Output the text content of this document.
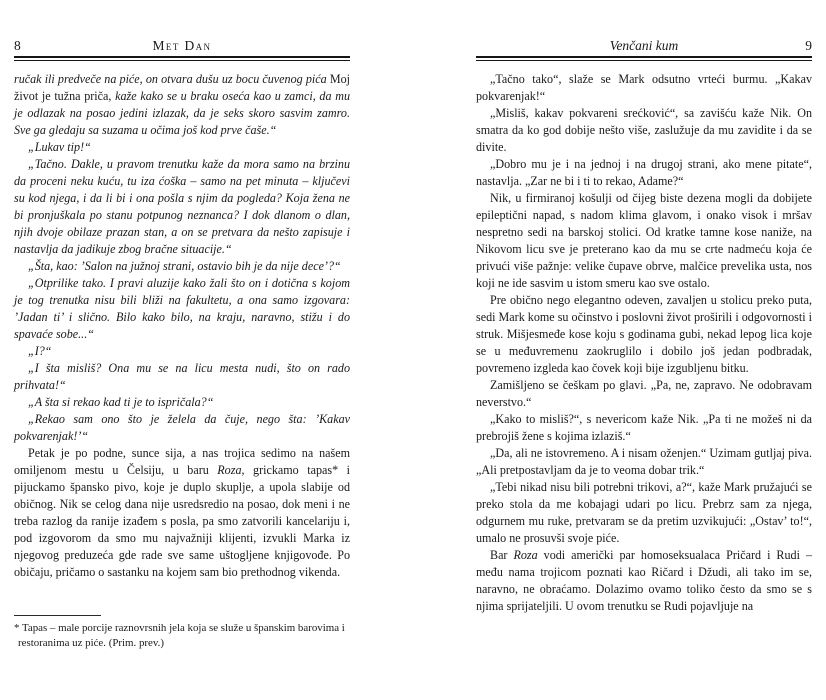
8	Met Dan
ručak ili predveče na piće, on otvara dušu uz bocu čuvenog pića Moj život je tužna priča, kaže kako se u braku oseća kao u zamci, da mu je odlazak na posao jedini izlazak, da je seks skoro sasvim zamro. Sve ga gledaju sa suzama u očima još kod prve čaše.“
„Lukav tip!“
„Tačno. Dakle, u pravom trenutku kaže da mora samo na brzinu da proceni neku kuću, tu iza ćoška – samo na pet minuta – ključevi su kod njega, i da li bi i ona pošla s njim da pogleda? Koja žena ne bi pronjuškala po stanu potpunog neznanca? I dok dlanom o dlan, njih dvoje obilaze prazan stan, a on se pretvara da nešto zapisuje i nastavlja da jadikuje zbog bračne situacije.“
„Šta, kao: ’Salon na južnoj strani, ostavio bih je da nije dece’?“
„Otprilike tako. I pravi aluzije kako žali što on i dotična s kojom je tog trenutka nisu bili bliži na fakultetu, a ona samo izgovara: ’Jadan ti’ i slično. Bilo kako bilo, na kraju, naravno, stižu i do spavaće sobe...“
„I?“
„I šta misliš? Ona mu se na licu mesta nudi, što on rado prihvata!“
„A šta si rekao kad ti je to ispričala?“
„Rekao sam ono što je želela da čuje, nego šta: ’Kakav pokvarenjak!’“
Petak je po podne, sunce sija, a nas trojica sedimo na našem omiljenom mestu u Čelsiju, u baru Roza, grickamo tapas* i pijuckamo špansko pivo, koje je duplo skuplje, a upola slabije od običnog. Nik se celog dana nije usredsredio na posao, dok meni i ne treba razlog da ranije izađem s posla, pa smo zatvorili kancelariju i, pod izgovorom da smo mu najvažniji klijenti, izvukli Marka iz njegovog preduzeća gde rade sve same uštogljene knjigovođe. Po običaju, pričamo o sastanku na kojem sam bio prethodnog vikenda.
* Tapas – male porcije raznovrsnih jela koja se služe u španskim barovima i restoranima uz piće. (Prim. prev.)
Venčani kum	9
„Tačno tako“, slaže se Mark odsutno vrteći burmu. „Kakav pokvarenjak!“
„Misliš, kakav pokvareni srećković“, sa zavišću kaže Nik. On smatra da ko god dobije nešto više, zaslužuje da mu zavidite i da se divite.
„Dobro mu je i na jednoj i na drugoj strani, ako mene pitate“, nastavlja. „Zar ne bi i ti to rekao, Adame?“
Nik, u firmiranoj košulji od čijeg biste dezena mogli da dobijete epileptični napad, s nadom klima glavom, i onako visok i mršav nespretno sedi na barskoj stolici. Od kratke tamne kose naniže, na Nikovom licu sve je preterano kao da mu se crte nadmeću koja će privući više pažnje: velike čupave obrve, malčice prevelika usta, nos koji ne ide sasvim u istom smeru kao sve ostalo.
Pre obično nego elegantno odeven, zavaljen u stolicu preko puta, sedi Mark kome su očinstvo i poslovni život proširili i odgovornosti i struk. Mišjesmeđe kose koju s godinama gubi, nekad lepog lica koje se u međuvremenu zaokruglilo i dobilo još jedan podbradak, povremeno izgleda kao čovek koji bije izgubljenu bitku.
Zamišljeno se češkam po glavi. „Pa, ne, zapravo. Ne odobravam neverstvo.“
„Kako to misliš?“, s nevericom kaže Nik. „Pa ti ne možeš ni da prebrojiš žene s kojima izlaziš.“
„Da, ali ne istovremeno. A i nisam oženjen.“ Uzimam gutljaj piva. „Ali pretpostavljam da je to veoma dobar trik.“
„Tebi nikad nisu bili potrebni trikovi, a?“, kaže Mark pružajući se preko stola da me kobajagi udari po licu. Prebrz sam za njega, odgurnem mu ruke, pretvaram se da pretim uzvikujući: „Ostav’ to!“, umalo ne prosuvši svoje piće.
Bar Roza vodi američki par homoseksualaca Pričard i Rudi – među nama trojicom poznati kao Ričard i Džudi, ali tako im se, naravno, ne obraćamo. Dolazimo ovamo toliko često da smo se s njima sprijateljili. U ovom trenutku se Rudi pojavljuje na
